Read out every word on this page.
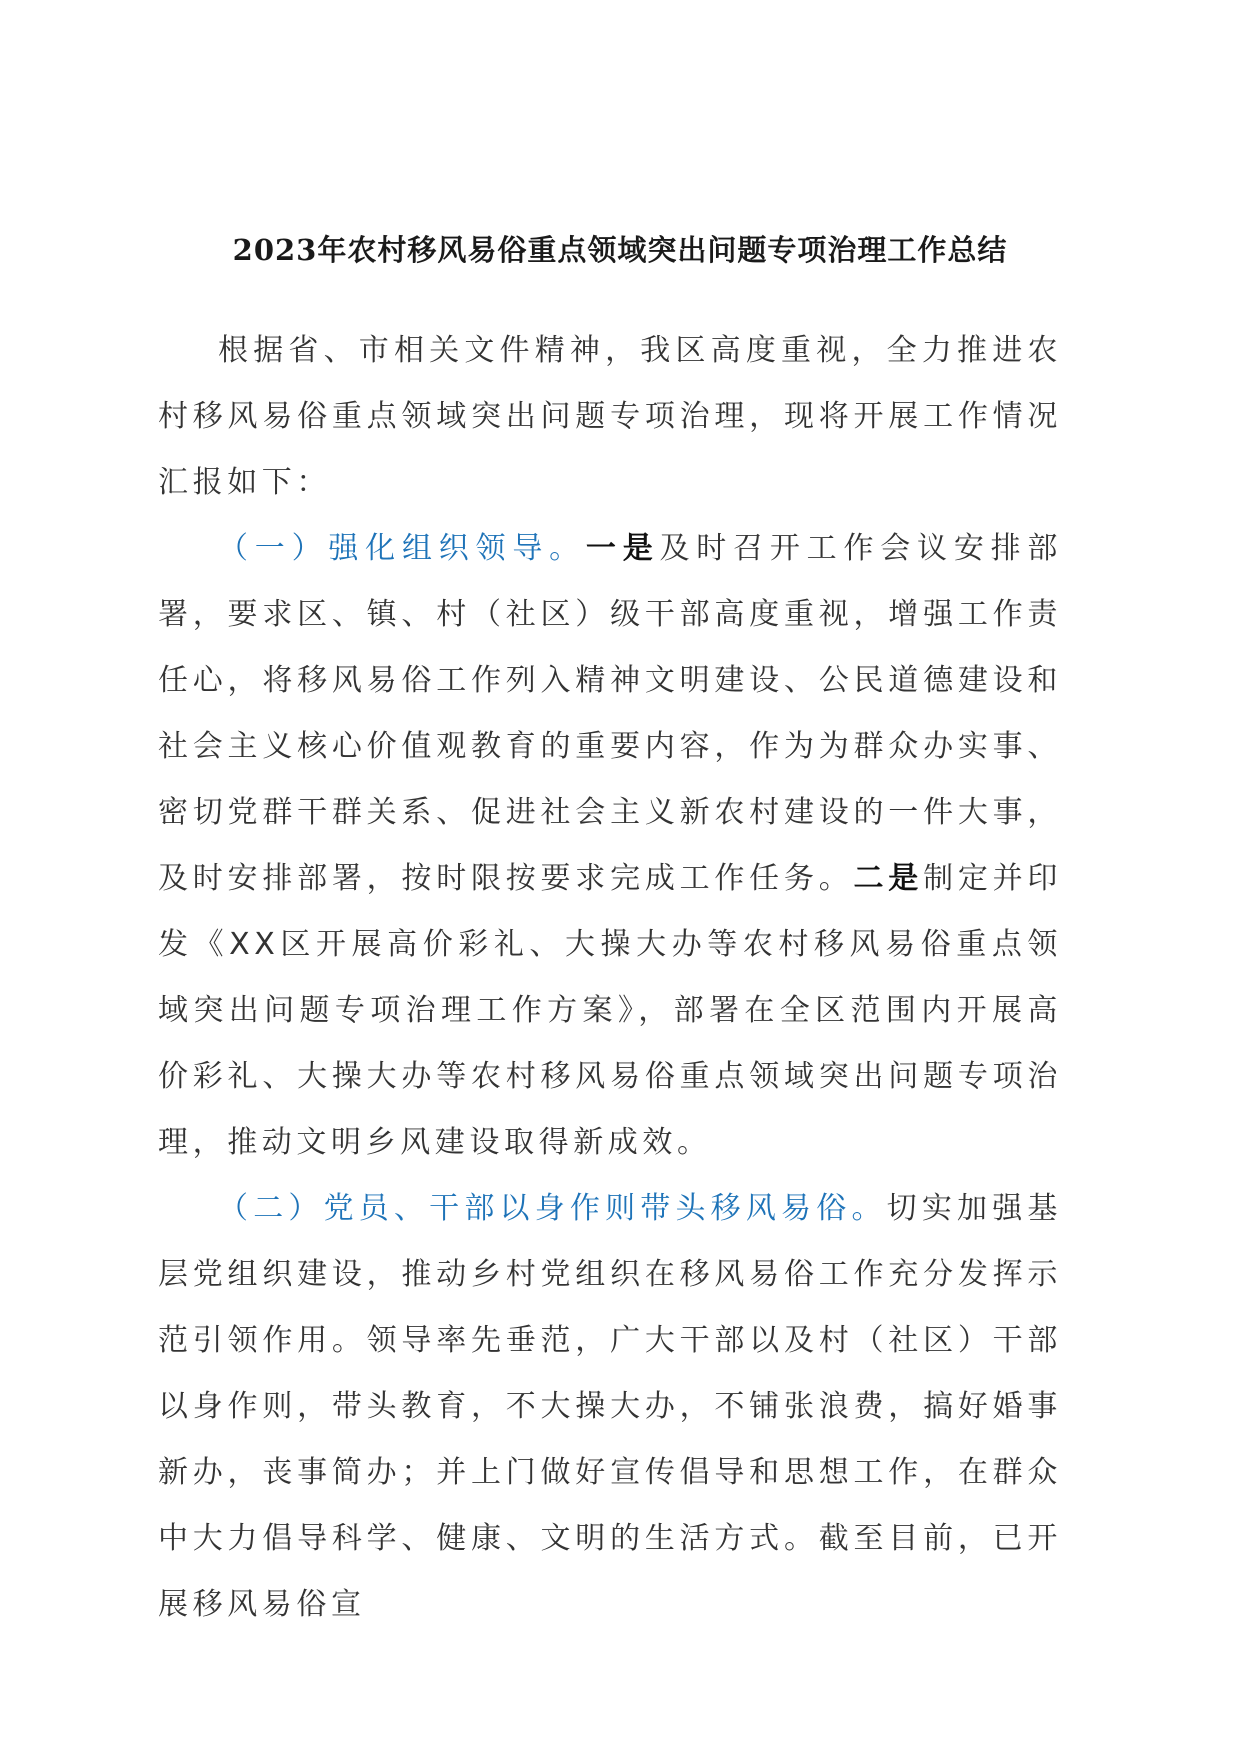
2023年农村移风易俗重点领域突出问题专项治理工作总结

根据省、市相关文件精神，我区高度重视，全力推进农村移风易俗重点领域突出问题专项治理，现将开展工作情况汇报如下：

（一）强化组织领导。一是及时召开工作会议安排部署，要求区、镇、村（社区）级干部高度重视，增强工作责任心，将移风易俗工作列入精神文明建设、公民道德建设和社会主义核心价值观教育的重要内容，作为为群众办实事、密切党群干群关系、促进社会主义新农村建设的一件大事，及时安排部署，按时限按要求完成工作任务。二是制定并印发《XX区开展高价彩礼、大操大办等农村移风易俗重点领域突出问题专项治理工作方案》，部署在全区范围内开展高价彩礼、大操大办等农村移风易俗重点领域突出问题专项治理，推动文明乡风建设取得新成效。

（二）党员、干部以身作则带头移风易俗。切实加强基层党组织建设，推动乡村党组织在移风易俗工作充分发挥示范引领作用。领导率先垂范，广大干部以及村（社区）干部以身作则，带头教育，不大操大办，不铺张浪费，搞好婚事新办，丧事简办；并上门做好宣传倡导和思想工作，在群众中大力倡导科学、健康、文明的生活方式。截至目前，已开展移风易俗宣
